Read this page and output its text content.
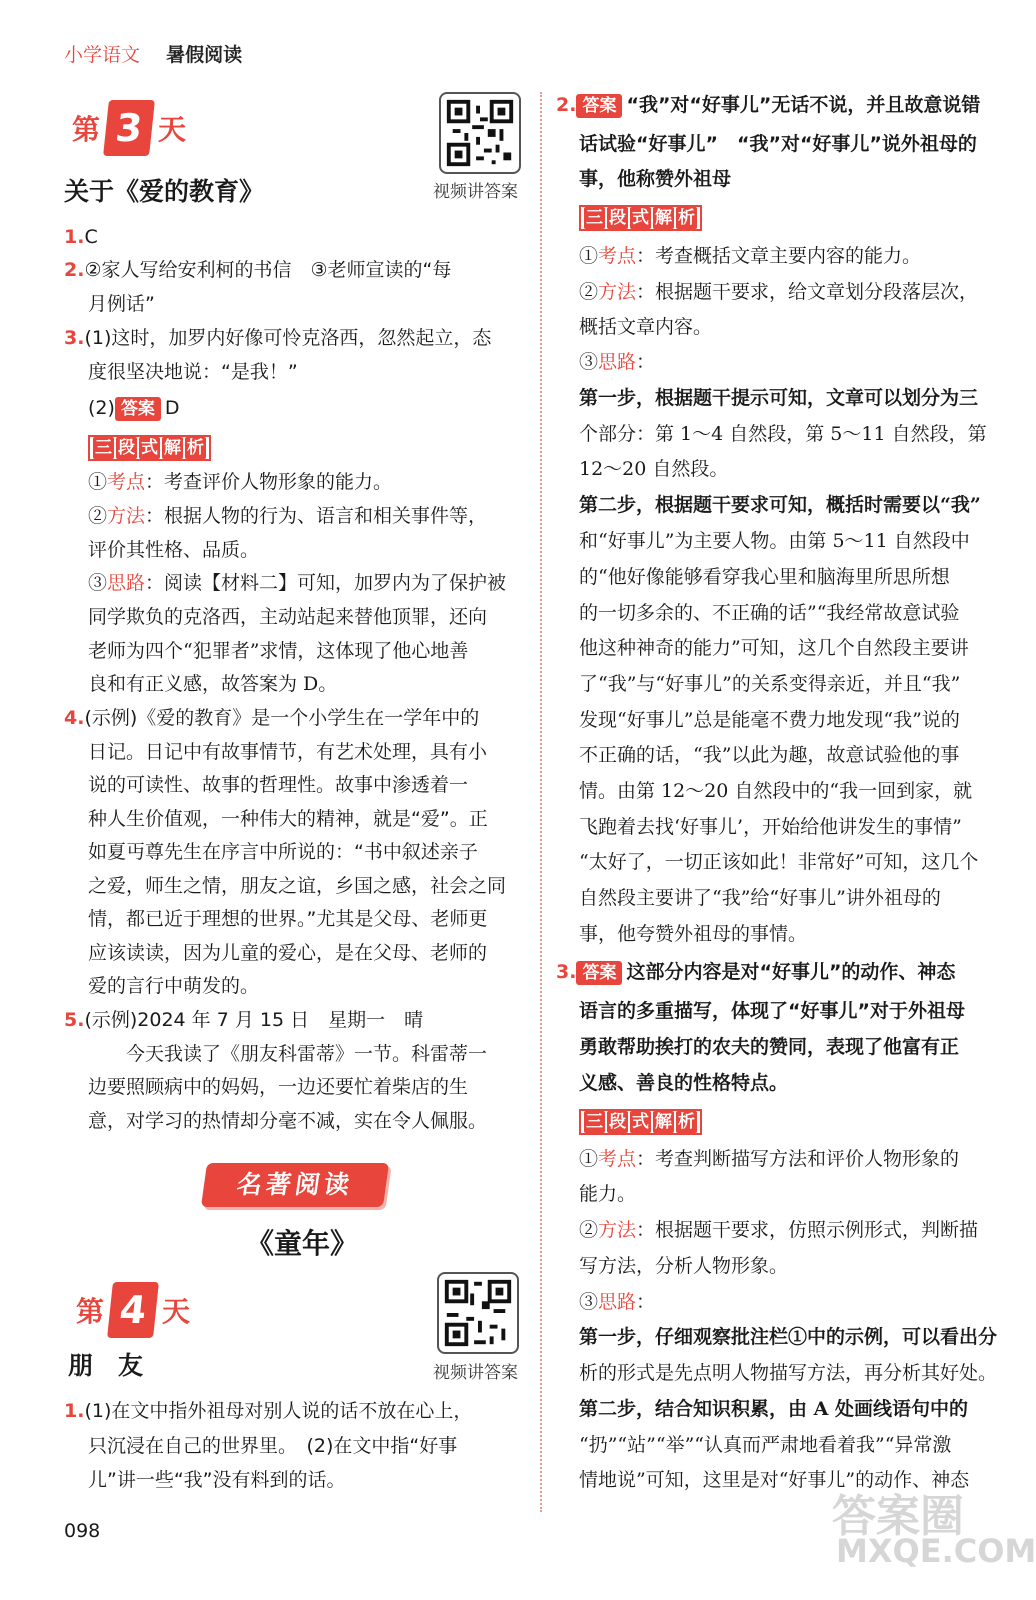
小学语文 暑假阅读
第 3 天
视频讲答案
关于《爱的教育》
1.C
2.②家人写给安利柯的书信　③老师宣读的“每
月例话”
3.(1)这时，加罗内好像可怜克洛西，忽然起立，态
度很坚决地说：“是我！”
(2) 答案 D
三 段 式 解 析
①考点：考查评价人物形象的能力。
②方法：根据人物的行为、语言和相关事件等，
评价其性格、品质。
③思路：阅读【材料二】可知，加罗内为了保护被
同学欺负的克洛西，主动站起来替他顶罪，还向
老师为四个“犯罪者”求情，这体现了他心地善
良和有正义感，故答案为 D。
4.(示例)《爱的教育》是一个小学生在一学年中的
日记。日记中有故事情节，有艺术处理，具有小
说的可读性、故事的哲理性。故事中渗透着一
种人生价值观，一种伟大的精神，就是“爱”。正
如夏丏尊先生在序言中所说的：“书中叙述亲子
之爱，师生之情，朋友之谊，乡国之感，社会之同
情，都已近于理想的世界。”尤其是父母、老师更
应该读读，因为儿童的爱心，是在父母、老师的
爱的言行中萌发的。
5.(示例)2024 年 7 月 15 日　星期一　晴
　　今天我读了《朋友科雷蒂》一节。科雷蒂一
边要照顾病中的妈妈，一边还要忙着柴店的生
意，对学习的热情却分毫不减，实在令人佩服。
名著阅读
《童年》
第 4 天
视频讲答案
朋　友
1.(1)在文中指外祖母对别人说的话不放在心上，
只沉浸在自己的世界里。　(2)在文中指“好事
儿”讲一些“我”没有料到的话。
098
2. 答案 “我”对“好事儿”无话不说，并且故意说错
话试验“好事儿”　“我”对“好事儿”说外祖母的
事，他称赞外祖母
三 段 式 解 析
①考点：考查概括文章主要内容的能力。
②方法：根据题干要求，给文章划分段落层次，
概括文章内容。
③思路：
第一步，根据题干提示可知，文章可以划分为三
个部分：第 1～4 自然段，第 5～11 自然段，第
12～20 自然段。
第二步，根据题干要求可知，概括时需要以“我”
和“好事儿”为主要人物。由第 5～11 自然段中
的“他好像能够看穿我心里和脑海里所思所想
的一切多余的、不正确的话”“我经常故意试验
他这种神奇的能力”可知，这几个自然段主要讲
了“我”与“好事儿”的关系变得亲近，并且“我”
发现“好事儿”总是能毫不费力地发现“我”说的
不正确的话，“我”以此为趣，故意试验他的事
情。由第 12～20 自然段中的“我一回到家，就
飞跑着去找‘好事儿’，开始给他讲发生的事情”
“太好了，一切正该如此！非常好”可知，这几个
自然段主要讲了“我”给“好事儿”讲外祖母的
事，他夸赞外祖母的事情。
3. 答案 这部分内容是对“好事儿”的动作、神态
语言的多重描写，体现了“好事儿”对于外祖母
勇敢帮助挨打的农夫的赞同，表现了他富有正
义感、善良的性格特点。
三 段 式 解 析
①考点：考查判断描写方法和评价人物形象的
能力。
②方法：根据题干要求，仿照示例形式，判断描
写方法，分析人物形象。
③思路：
第一步，仔细观察批注栏①中的示例，可以看出分
析的形式是先点明人物描写方法，再分析其好处。
第二步，结合知识积累，由 A 处画线语句中的
“扔”“站”“举”“认真而严肃地看着我”“异常激
情地说”可知，这里是对“好事儿”的动作、神态
答案圈
MXQE.COM
